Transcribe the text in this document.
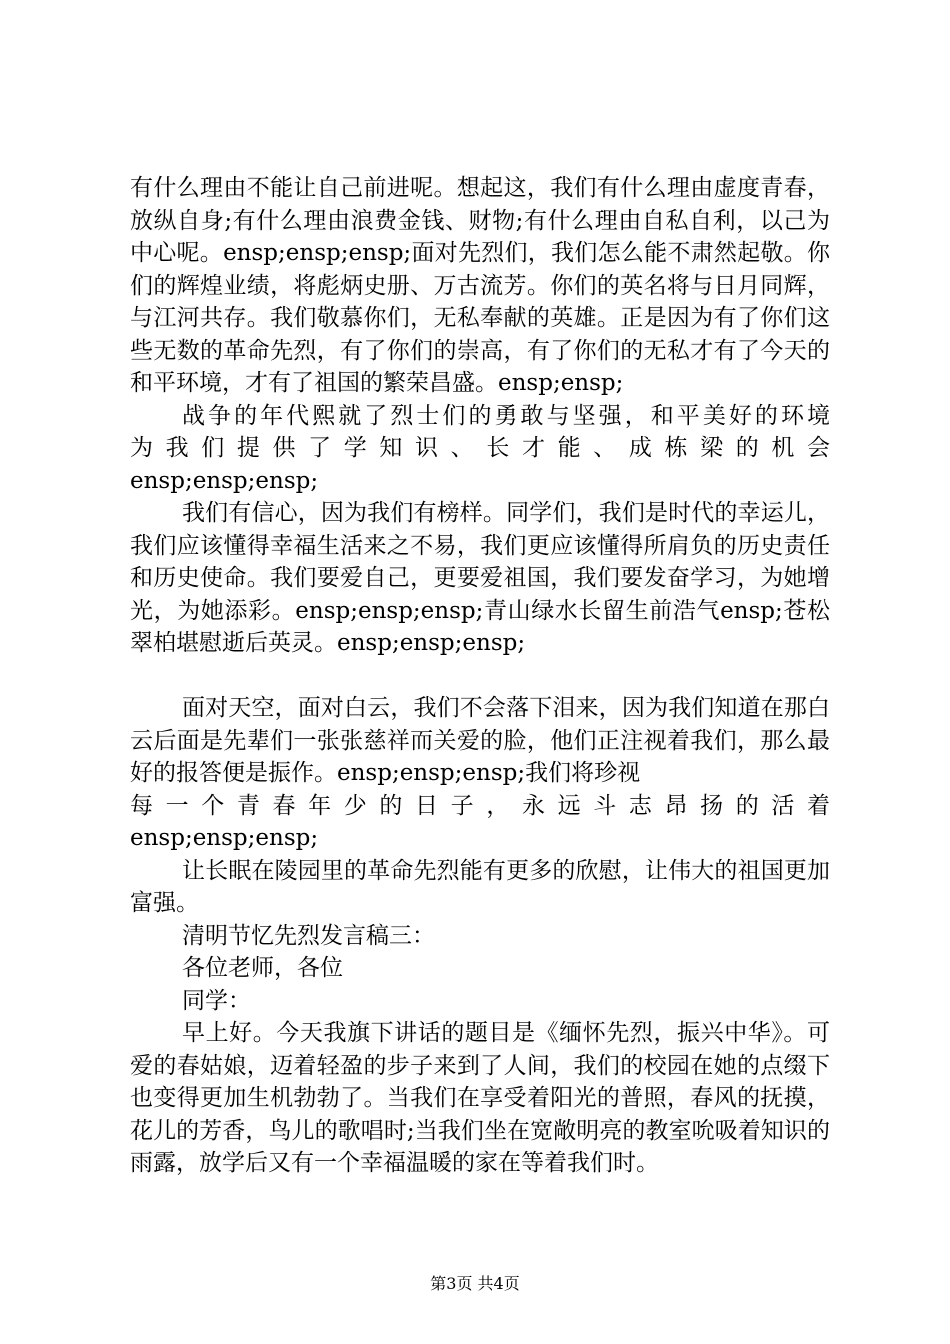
有什么理由不能让自己前进呢。想起这，我们有什么理由虚度青春，放纵自身;有什么理由浪费金钱、财物;有什么理由自私自利，以己为中心呢。ensp;ensp;ensp;面对先烈们，我们怎么能不肃然起敬。你们的辉煌业绩，将彪炳史册、万古流芳。你们的英名将与日月同辉，与江河共存。我们敬慕你们，无私奉献的英雄。正是因为有了你们这些无数的革命先烈，有了你们的崇高，有了你们的无私才有了今天的和平环境，才有了祖国的繁荣昌盛。ensp;ensp;

战争的年代熙就了烈士们的勇敢与坚强，和平美好的环境

为我们提供了学知识、长才能、成栋梁的机会

ensp;ensp;ensp;

我们有信心，因为我们有榜样。同学们，我们是时代的幸运儿，我们应该懂得幸福生活来之不易，我们更应该懂得所肩负的历史责任和历史使命。我们要爱自己，更要爱祖国，我们要发奋学习，为她增光，为她添彩。ensp;ensp;ensp;青山绿水长留生前浩气ensp;苍松翠柏堪慰逝后英灵。ensp;ensp;ensp;

面对天空，面对白云，我们不会落下泪来，因为我们知道在那白云后面是先辈们一张张慈祥而关爱的脸，他们正注视着我们，那么最好的报答便是振作。ensp;ensp;ensp;我们将珍视

每一个青春年少的日子，永远斗志昂扬的活着

ensp;ensp;ensp;

让长眠在陵园里的革命先烈能有更多的欣慰，让伟大的祖国更加富强。

清明节忆先烈发言稿三：

各位老师，各位

同学：

早上好。今天我旗下讲话的题目是《缅怀先烈，振兴中华》。可爱的春姑娘，迈着轻盈的步子来到了人间，我们的校园在她的点缀下也变得更加生机勃勃了。当我们在享受着阳光的普照，春风的抚摸，花儿的芳香，鸟儿的歌唱时;当我们坐在宽敞明亮的教室吮吸着知识的雨露，放学后又有一个幸福温暖的家在等着我们时。

第3页 共4页
